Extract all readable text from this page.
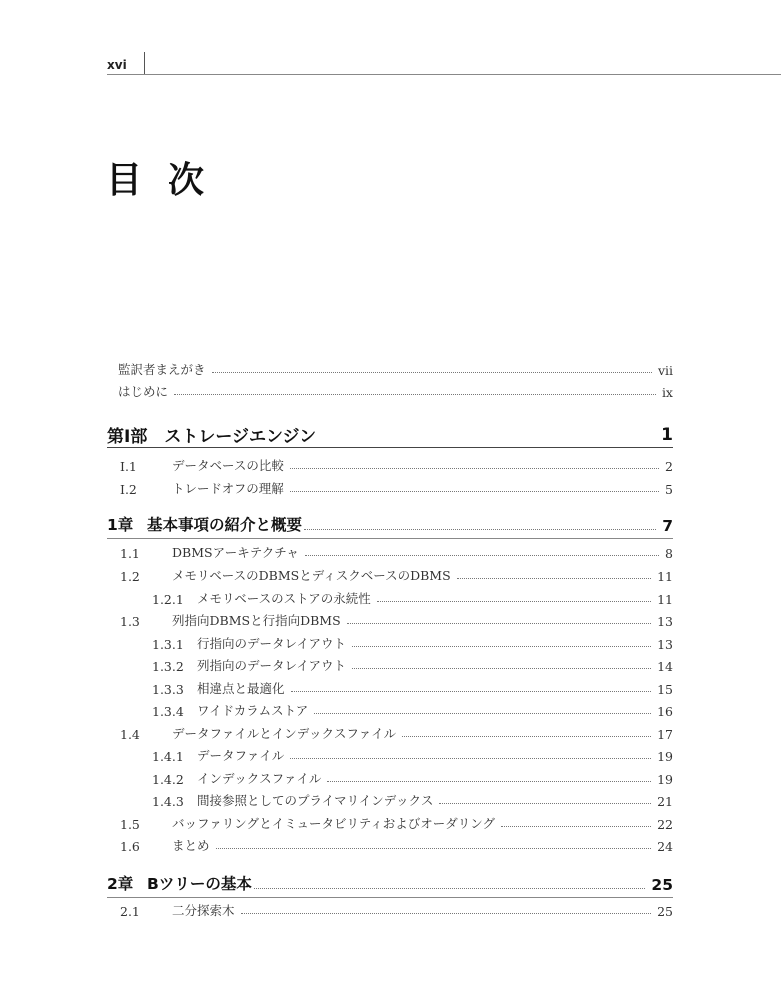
xvi
目次
監訳者まえがき	vii
はじめに	ix
第Ⅰ部　ストレージエンジン	1
I.1	データベースの比較	2
I.2	トレードオフの理解	5
1章 基本事項の紹介と概要	7
1.1	DBMSアーキテクチャ	8
1.2	メモリベースのDBMSとディスクベースのDBMS	11
1.2.1	メモリベースのストアの永続性	11
1.3	列指向DBMSと行指向DBMS	13
1.3.1	行指向のデータレイアウト	13
1.3.2	列指向のデータレイアウト	14
1.3.3	相違点と最適化	15
1.3.4	ワイドカラムストア	16
1.4	データファイルとインデックスファイル	17
1.4.1	データファイル	19
1.4.2	インデックスファイル	19
1.4.3	間接参照としてのプライマリインデックス	21
1.5	バッファリングとイミュータビリティおよびオーダリング	22
1.6	まとめ	24
2章 Bツリーの基本	25
2.1	二分探索木	25
